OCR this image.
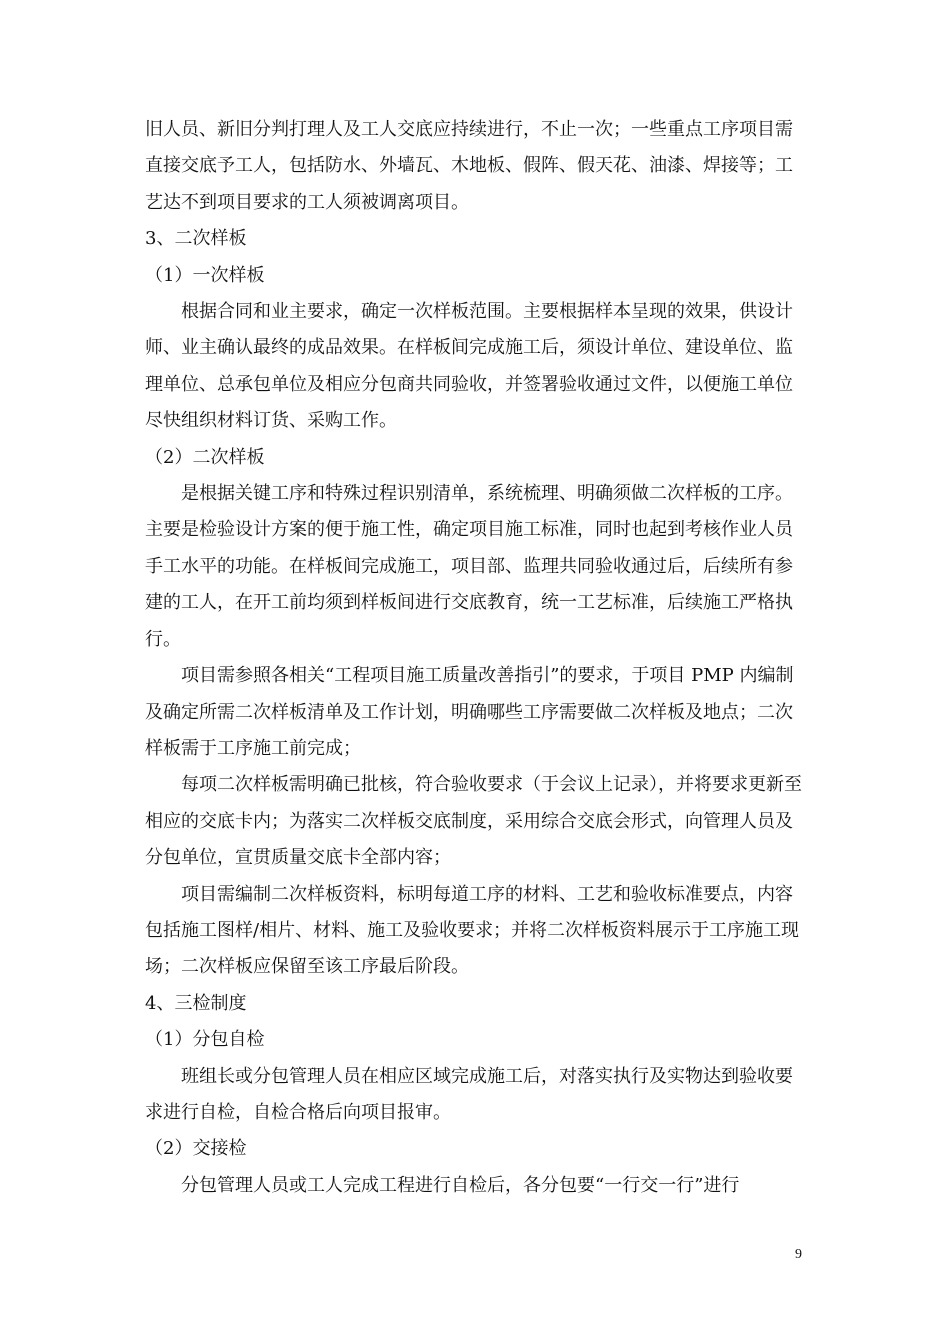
旧人员、新旧分判打理人及工人交底应持续进行，不止一次；一些重点工序项目需直接交底予工人，包括防水、外墙瓦、木地板、假阵、假天花、油漆、焊接等；工艺达不到项目要求的工人须被调离项目。

3、二次样板

（1）一次样板

根据合同和业主要求，确定一次样板范围。主要根据样本呈现的效果，供设计师、业主确认最终的成品效果。在样板间完成施工后，须设计单位、建设单位、监理单位、总承包单位及相应分包商共同验收，并签署验收通过文件，以便施工单位尽快组织材料订货、采购工作。

（2）二次样板

是根据关键工序和特殊过程识别清单，系统梳理、明确须做二次样板的工序。主要是检验设计方案的便于施工性，确定项目施工标准，同时也起到考核作业人员手工水平的功能。在样板间完成施工，项目部、监理共同验收通过后，后续所有参建的工人，在开工前均须到样板间进行交底教育，统一工艺标准，后续施工严格执行。

项目需参照各相关“工程项目施工质量改善指引”的要求，于项目 PMP 内编制及确定所需二次样板清单及工作计划，明确哪些工序需要做二次样板及地点；二次样板需于工序施工前完成；

每项二次样板需明确已批核，符合验收要求（于会议上记录），并将要求更新至相应的交底卡内；为落实二次样板交底制度，采用综合交底会形式，向管理人员及分包单位，宣贯质量交底卡全部内容；

项目需编制二次样板资料，标明每道工序的材料、工艺和验收标准要点，内容包括施工图样/相片、材料、施工及验收要求；并将二次样板资料展示于工序施工现场；二次样板应保留至该工序最后阶段。

4、三检制度

（1）分包自检

班组长或分包管理人员在相应区域完成施工后，对落实执行及实物达到验收要求进行自检，自检合格后向项目报审。

（2）交接检

分包管理人员或工人完成工程进行自检后，各分包要“一行交一行”进行

9
